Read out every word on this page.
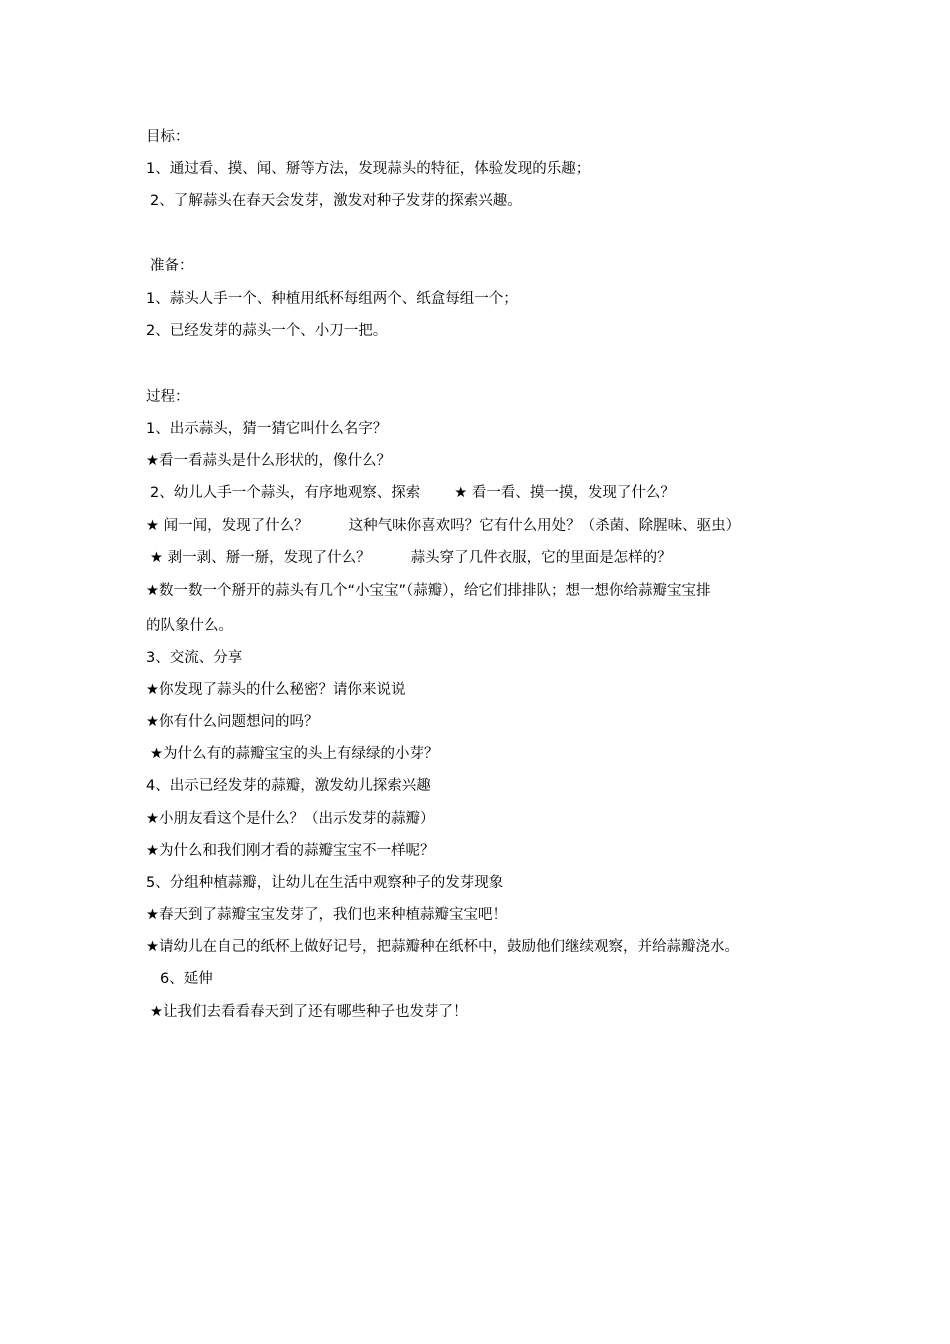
目标：
1、通过看、摸、闻、掰等方法，发现蒜头的特征，体验发现的乐趣；
2、了解蒜头在春天会发芽，激发对种子发芽的探索兴趣。
准备：
1、蒜头人手一个、种植用纸杯每组两个、纸盒每组一个；
2、已经发芽的蒜头一个、小刀一把。
过程：
1、出示蒜头，猜一猜它叫什么名字？
★看一看蒜头是什么形状的，像什么？
2、幼儿人手一个蒜头，有序地观察、探索 ★ 看一看、摸一摸，发现了什么？
★ 闻一闻，发现了什么？	这种气味你喜欢吗？它有什么用处？（杀菌、除腥味、驱虫）
★ 剥一剥、掰一掰，发现了什么？	蒜头穿了几件衣服，它的里面是怎样的？
★数一数一个掰开的蒜头有几个“小宝宝”（蒜瓣），给它们排排队；想一想你给蒜瓣宝宝排
的队象什么。
3、交流、分享
★你发现了蒜头的什么秘密？请你来说说
★你有什么问题想问的吗？
★为什么有的蒜瓣宝宝的头上有绿绿的小芽？
4、出示已经发芽的蒜瓣，激发幼儿探索兴趣
★小朋友看这个是什么？（出示发芽的蒜瓣）
★为什么和我们刚才看的蒜瓣宝宝不一样呢？
5、分组种植蒜瓣，让幼儿在生活中观察种子的发芽现象
★春天到了蒜瓣宝宝发芽了，我们也来种植蒜瓣宝宝吧！
★请幼儿在自己的纸杯上做好记号，把蒜瓣种在纸杯中，鼓励他们继续观察，并给蒜瓣浇水。
6、延伸
★让我们去看看春天到了还有哪些种子也发芽了！
